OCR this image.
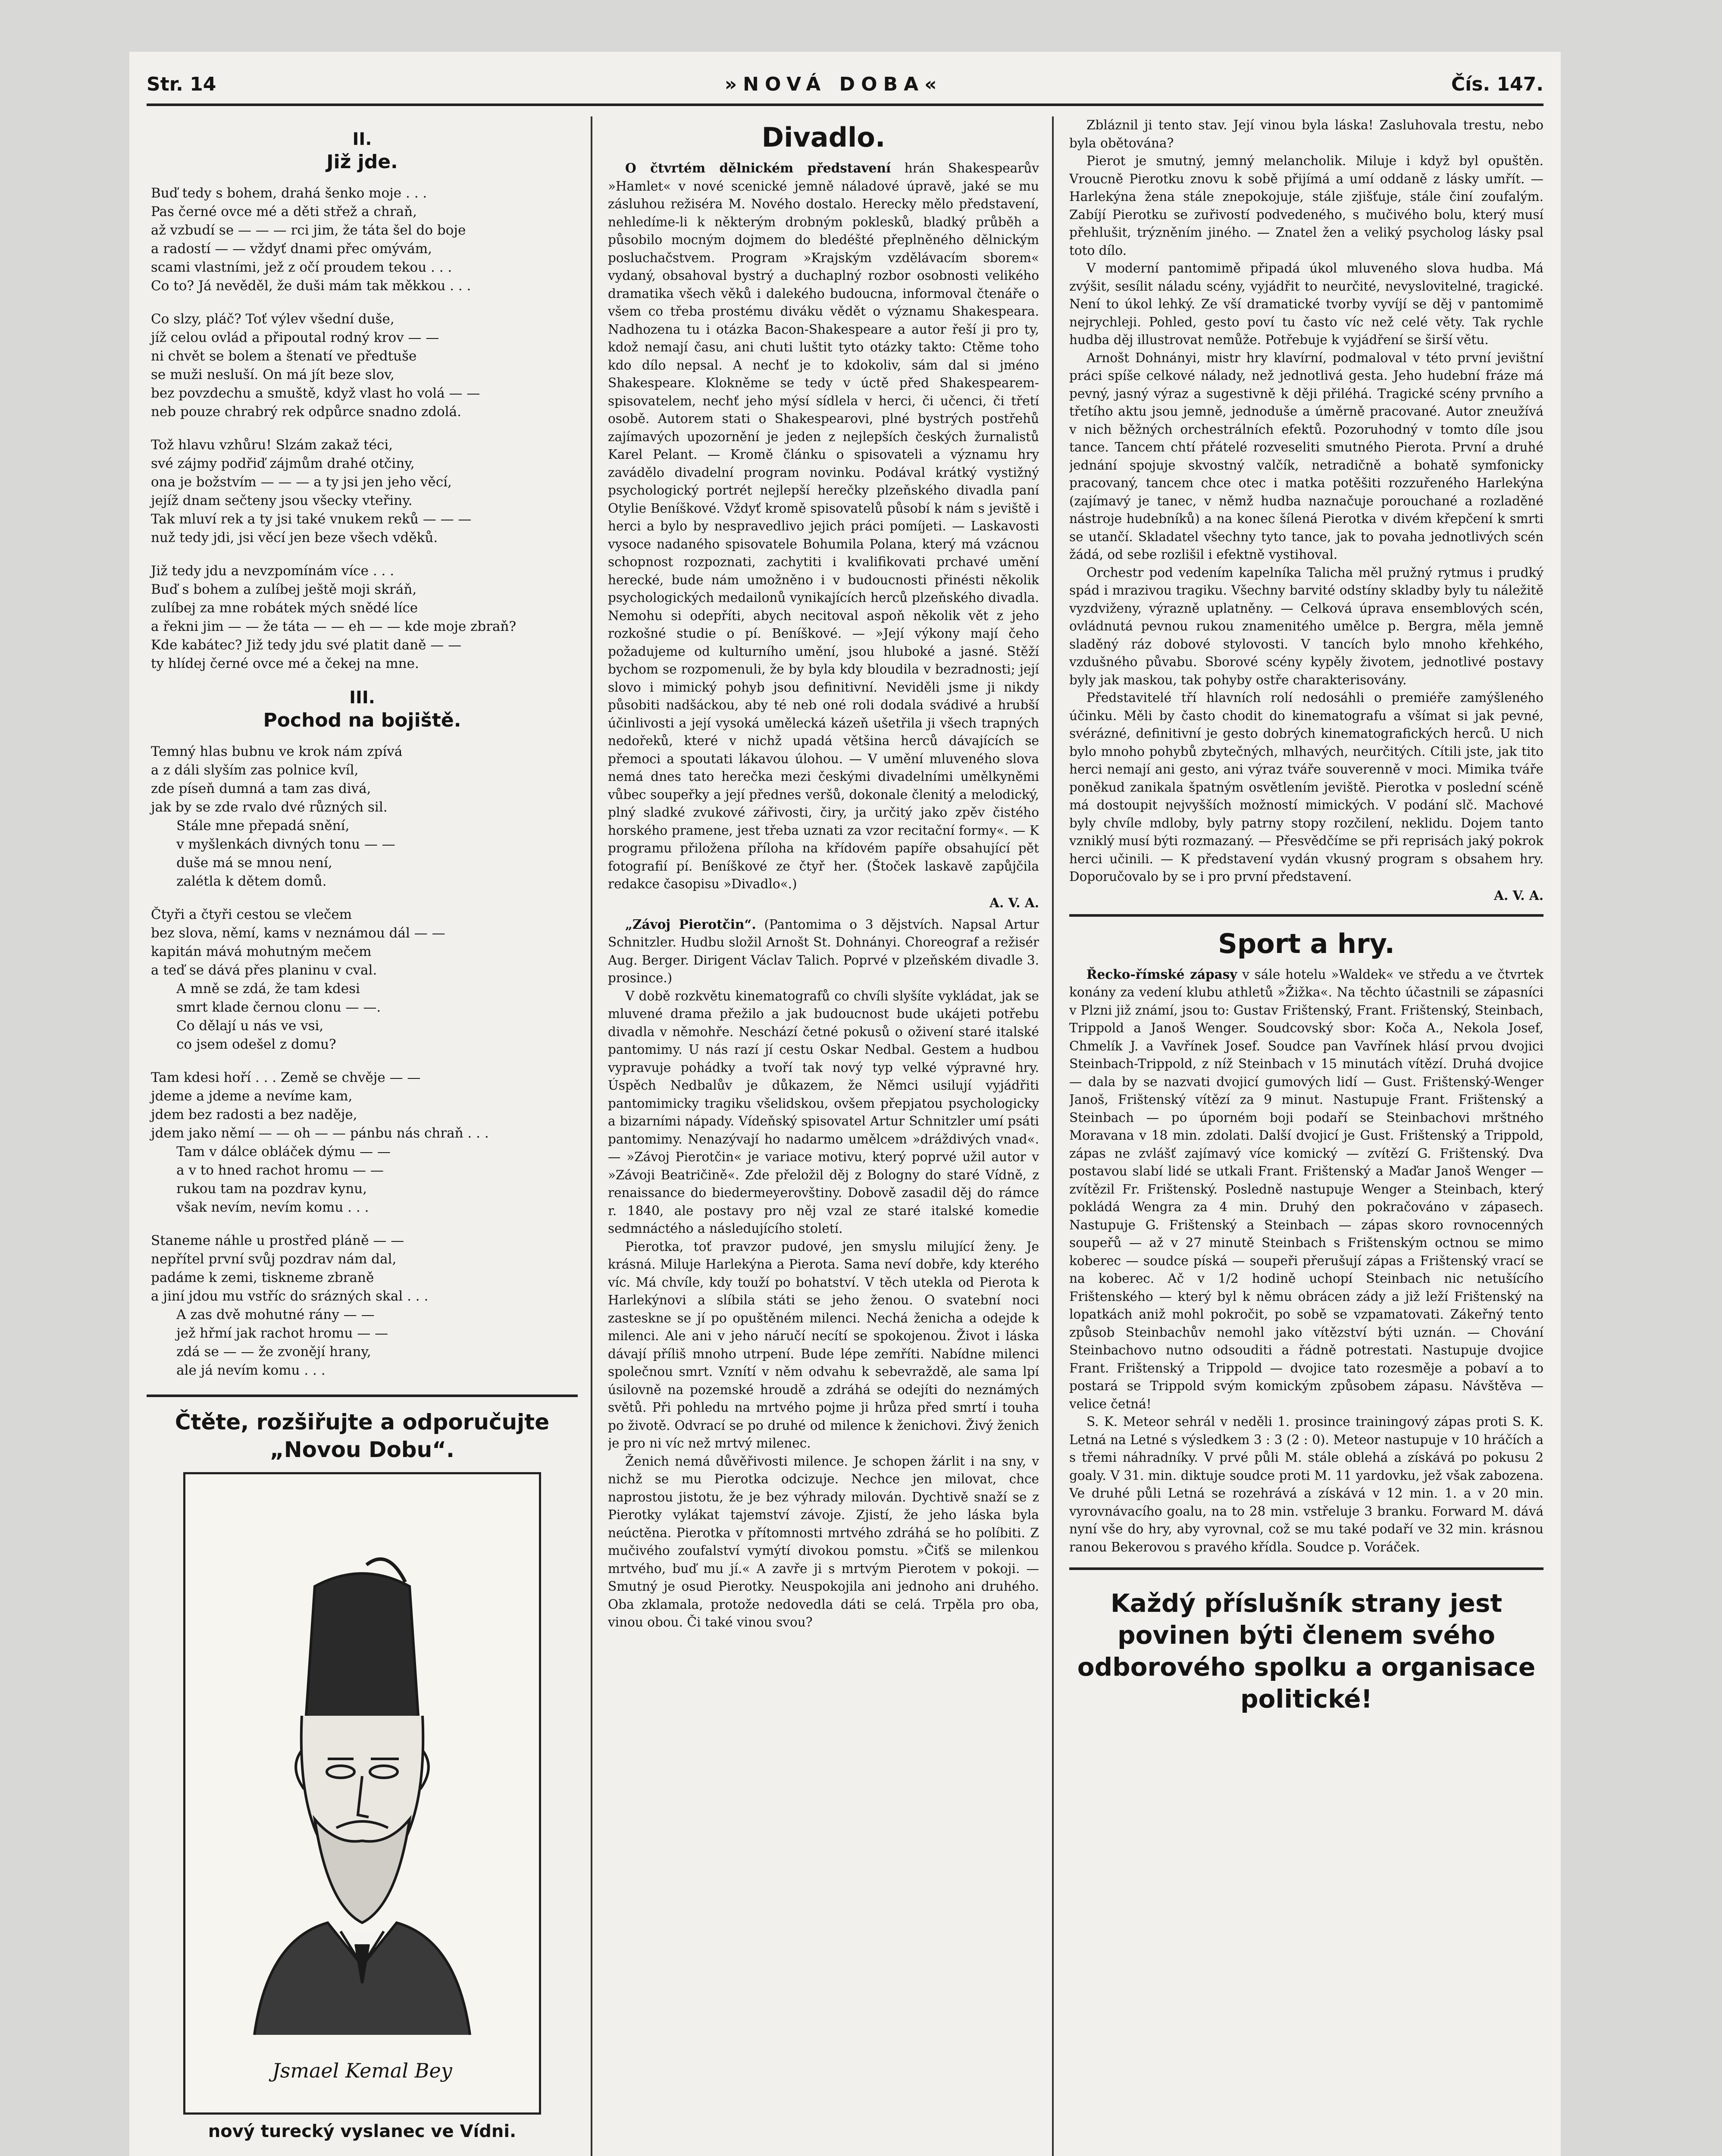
Str. 14	»NOVÁ DOBA«	Čís. 147.
II.
Již jde.
Buď tedy s bohem, drahá šenko moje . . .
Pas černé ovce mé a děti střež a chraň,
až vzbudí se — — — rci jim, že táta šel do boje
a radostí — — vždyť dnami přec omývám,
scami vlastními, jež z očí proudem tekou . . .
Co to? Já nevěděl, že duši mám tak měkkou . . .
Co slzy, pláč? Toť výlev všední duše,
jíž celou ovlád a připoutal rodný krov — —
ni chvět se bolem a štenatí ve předtuše
se muži nesluší. On má jít beze slov,
bez povzdechu a smuště, když vlast ho volá — —
neb pouze chrabrý rek odpůrce snadno zdolá.
Tož hlavu vzhůru! Slzám zakaž téci,
své zájmy podřiď zájmům drahé otčiny,
ona je božstvím — — — a ty jsi jen jeho věcí,
jejíž dnam sečteny jsou všecky vteřiny.
Tak mluví rek a ty jsi také vnukem reků — — —
nuž tedy jdi, jsi věcí jen beze všech vděků.
Již tedy jdu a nevzpomínám více . . .
Buď s bohem a zulíbej ještě moji skráň,
zulíbej za mne robátek mých snědé líce
a řekni jim — — že táta — — eh — — kde moje zbraň?
Kde kabátec? Již tedy jdu své platit daně — —
ty hlídej černé ovce mé a čekej na mne.
III.
Pochod na bojiště.
Temný hlas bubnu ve krok nám zpívá
a z dáli slyším zas polnice kvíl,
zde píseň dumná a tam zas divá,
jak by se zde rvalo dvé různých sil.
Stále mne přepadá snění,
v myšlenkách divných tonu — —
duše má se mnou není,
zalétla k dětem domů.
Čtyři a čtyři cestou se vlečem
bez slova, němí, kams v neznámou dál — —
kapitán mává mohutným mečem
a teď se dává přes planinu v cval.
A mně se zdá, že tam kdesi
smrt klade černou clonu — —.
Co dělají u nás ve vsi,
co jsem odešel z domu?
Tam kdesi hoří . . . Země se chvěje — —
jdeme a jdeme a nevíme kam,
jdem bez radosti a bez naděje,
jdem jako němí — — oh — — pánbu nás chraň . . .
Tam v dálce obláček dýmu — —
a v to hned rachot hromu — —
rukou tam na pozdrav kynu,
však nevím, nevím komu . . .
Staneme náhle u prostřed pláně — —
nepřítel první svůj pozdrav nám dal,
padáme k zemi, tiskneme zbraně
a jiní jdou mu vstříc do srázných skal . . .
A zas dvě mohutné rány — —
jež hřmí jak rachot hromu — —
zdá se — — že zvonějí hrany,
ale já nevím komu . . .
Čtěte, rozšiřujte a odporučujte „Novou Dobu“.
Jsmael Kemal Bey
nový turecký vyslanec ve Vídni.
Divadlo.

O čtvrtém dělnickém představení hrán Shakespearův »Hamlet« v nové scenické jemně náladové úpravě, jaké se mu zásluhou režiséra M. Nového dostalo. Herecky mělo představení, nehledíme-li k některým drobným poklesků, bladký průběh a působilo mocným dojmem do bledéšté přeplněného dělnickým posluchačstvem. Program »Krajským vzdělávacím sborem« vydaný, obsahoval bystrý a duchaplný rozbor osobnosti velikého dramatika všech věků i dalekého budoucna, informoval čtenáře o všem co třeba prostému diváku vědět o významu Shakespeara. Nadhozena tu i otázka Bacon-Shakespeare a autor řeší ji pro ty, kdož nemají času, ani chuti luštit tyto otázky takto: Ctěme toho kdo dílo nepsal. A nechť je to kdokoliv, sám dal si jméno Shakespeare. Klokněme se tedy v úctě před Shakespearem-spisovatelem, nechť jeho mýsí sídlela v herci, či učenci, či třetí osobě. Autorem stati o Shakespearovi, plné bystrých postřehů zajímavých upozornění je jeden z nejlepších českých žurnalistů Karel Pelant. — Kromě článku o spisovateli a významu hry zavádělo divadelní program novinku. Podával krátký vystižný psychologický portrét nejlepší herečky plzeňského divadla paní Otylie Beníškové. Vždyť kromě spisovatelů působí k nám s jeviště i herci a bylo by nespravedlivo jejich práci pomíjeti. — Laskavosti vysoce nadaného spisovatele Bohumila Polana, který má vzácnou schopnost rozpoznati, zachytiti i kvalifikovati prchavé umění herecké, bude nám umožněno i v budoucnosti přinésti několik psychologických medailonů vynikajících herců plzeňského divadla. Nemohu si odepříti, abych necitoval aspoň několik vět z jeho rozkošné studie o pí. Beníškové. — »Její výkony mají čeho požadujeme od kulturního umění, jsou hluboké a jasné. Stěží bychom se rozpomenuli, že by byla kdy bloudila v bezradnosti; její slovo i mimický pohyb jsou definitivní. Neviděli jsme ji nikdy působiti nadšáckou, aby té neb oné roli dodala svádivé a hrubší účinlivosti a její vysoká umělecká kázeň ušetřila ji všech trapných nedořeků, které v nichž upadá většina herců dávajících se přemoci a spoutati lákavou úlohou. — V umění mluveného slova nemá dnes tato herečka mezi českými divadelními umělkyněmi vůbec soupeřky a její přednes veršů, dokonale členitý a melodický, plný sladké zvukové zářivosti, čiry, ja určitý jako zpěv čistého horského pramene, jest třeba uznati za vzor recitační formy«. — K programu přiložena příloha na křídovém papíře obsahující pět fotografií pí. Beníškové ze čtyř her. (Štoček laskavě zapůjčila redakce časopisu »Divadlo«.)

A. V. A.

„Závoj Pierotčin“. (Pantomima o 3 dějstvích. Napsal Artur Schnitzler. Hudbu složil Arnošt St. Dohnányi. Choreograf a režisér Aug. Berger. Dirigent Václav Talich. Poprvé v plzeňském divadle 3. prosince.)

V době rozkvětu kinematografů co chvíli slyšíte vykládat, jak se mluvené drama přežilo a jak budoucnost bude ukájeti potřebu divadla v němohře. Neschází četné pokusů o oživení staré italské pantomimy. U nás razí jí cestu Oskar Nedbal. Gestem a hudbou vypravuje pohádky a tvoří tak nový typ velké výpravné hry. Úspěch Nedbalův je důkazem, že Němci usilují vyjádřiti pantomimicky tragiku všelidskou, ovšem přepjatou psychologicky a bizarními nápady. Vídeňský spisovatel Artur Schnitzler umí psáti pantomimy. Nenazývají ho nadarmo umělcem »dráždivých vnad«. — »Závoj Pierotčin« je variace motivu, který poprvé užil autor v »Závoji Beatričině«. Zde přeložil děj z Bologny do staré Vídně, z renaissance do biedermeyerovštiny. Dobově zasadil děj do rámce r. 1840, ale postavy pro něj vzal ze staré italské komedie sedmnáctého a následujícího století.

Pierotka, toť pravzor pudové, jen smyslu milující ženy. Je krásná. Miluje Harlekýna a Pierota. Sama neví dobře, kdy kterého víc. Má chvíle, kdy touží po bohatství. V těch utekla od Pierota k Harlekýnovi a slíbila státi se jeho ženou. O svatební noci zasteskne se jí po opuštěném milenci. Nechá ženicha a odejde k milenci. Ale ani v jeho náručí necítí se spokojenou. Život i láska dávají příliš mnoho utrpení. Bude lépe zemříti. Nabídne milenci společnou smrt. Vznítí v něm odvahu k sebevraždě, ale sama lpí úsilovně na pozemské hroudě a zdráhá se odejíti do neznámých světů. Při pohledu na mrtvého pojme ji hrůza před smrtí i touha po životě. Odvrací se po druhé od milence k ženichovi. Živý ženich je pro ni víc než mrtvý milenec.

Ženich nemá důvěřivosti milence. Je schopen žárlit i na sny, v nichž se mu Pierotka odcizuje. Nechce jen milovat, chce naprostou jistotu, že je bez výhrady milován. Dychtivě snaží se z Pierotky vylákat tajemství závoje. Zjistí, že jeho láska byla neúctěna. Pierotka v přítomnosti mrtvého zdráhá se ho políbiti. Z mučivého zoufalství vymýtí divokou pomstu. »Čiťš se milenkou mrtvého, buď mu jí.« A zavře ji s mrtvým Pierotem v pokoji. — Smutný je osud Pierotky. Neuspokojila ani jednoho ani druhého. Oba zklamala, protože nedovedla dáti se celá. Trpěla pro oba, vinou obou. Či také vinou svou?

Zbláznil ji tento stav. Její vinou byla láska! Zasluhovala trestu, nebo byla obětována?

Pierot je smutný, jemný melancholik. Miluje i když byl opuštěn. Vroucně Pierotku znovu k sobě přijímá a umí oddaně z lásky umřít. — Harlekýna žena stále znepokojuje, stále zjišťuje, stále činí zoufalým. Zabíjí Pierotku se zuřivostí podvedeného, s mučivého bolu, který musí přehlušit, trýzněním jiného. — Znatel žen a veliký psycholog lásky psal toto dílo.

V moderní pantomimě připadá úkol mluveného slova hudba. Má zvýšit, sesílit náladu scény, vyjádřit to neurčité, nevyslovitelné, tragické. Není to úkol lehký. Ze vší dramatické tvorby vyvíjí se děj v pantomimě nejrychleji. Pohled, gesto poví tu často víc než celé věty. Tak rychle hudba děj illustrovat nemůže. Potřebuje k vyjádření se širší větu.

Arnošt Dohnányi, mistr hry klavírní, podmaloval v této první jevištní práci spíše celkové nálady, než jednotlivá gesta. Jeho hudební fráze má pevný, jasný výraz a sugestivně k ději přiléhá. Tragické scény prvního a třetího aktu jsou jemně, jednoduše a úměrně pracované. Autor zneužívá v nich běžných orchestrálních efektů. Pozoruhodný v tomto díle jsou tance. Tancem chtí přátelé rozveseliti smutného Pierota. První a druhé jednání spojuje skvostný valčík, netradičně a bohatě symfonicky pracovaný, tancem chce otec i matka potěšiti rozzuřeného Harlekýna (zajímavý je tanec, v němž hudba naznačuje porouchané a rozladěné nástroje hudebníků) a na konec šílená Pierotka v divém křepčení k smrti se utančí. Skladatel všechny tyto tance, jak to povaha jednotlivých scén žádá, od sebe rozlišil i efektně vystihoval.

Orchestr pod vedením kapelníka Talicha měl pružný rytmus i prudký spád i mrazivou tragiku. Všechny barvité odstíny skladby byly tu náležitě vyzdviženy, výrazně uplatněny. — Celková úprava ensemblových scén, ovládnutá pevnou rukou znamenitého umělce p. Bergra, měla jemně sladěný ráz dobové stylovosti. V tancích bylo mnoho křehkého, vzdušného půvabu. Sborové scény kypěly životem, jednotlivé postavy byly jak maskou, tak pohyby ostře charakterisovány.

Představitelé tří hlavních rolí nedosáhli o premiéře zamýšleného účinku. Měli by často chodit do kinematografu a všímat si jak pevné, svérázné, definitivní je gesto dobrých kinematografických herců. U nich bylo mnoho pohybů zbytečných, mlhavých, neurčitých. Cítili jste, jak tito herci nemají ani gesto, ani výraz tváře souverenně v moci. Mimika tváře poněkud zanikala špatným osvětlením jeviště. Pierotka v poslední scéně má dostoupit nejvyšších možností mimických. V podání slč. Machové byly chvíle mdloby, byly patrny stopy rozčilení, neklidu. Dojem tanto vzniklý musí býti rozmazaný. — Přesvědčíme se při reprisách jaký pokrok herci učinili. — K představení vydán vkusný program s obsahem hry. Doporučovalo by se i pro první představení.

A. V. A.
Sport a hry.

Řecko-římské zápasy v sále hotelu »Waldek« ve středu a ve čtvrtek konány za vedení klubu athletů »Žižka«. Na těchto účastnili se zápasníci v Plzni již známí, jsou to: Gustav Frištenský, Frant. Frištenský, Steinbach, Trippold a Janoš Wenger. Soudcovský sbor: Koča A., Nekola Josef, Chmelík J. a Vavřínek Josef. Soudce pan Vavřínek hlásí prvou dvojici Steinbach-Trippold, z níž Steinbach v 15 minutách vítězí. Druhá dvojice — dala by se nazvati dvojicí gumových lidí — Gust. Frištenský-Wenger Janoš, Frištenský vítězí za 9 minut. Nastupuje Frant. Frištenský a Steinbach — po úporném boji podaří se Steinbachovi mrštného Moravana v 18 min. zdolati. Další dvojicí je Gust. Frištenský a Trippold, zápas ne zvlášť zajímavý více komický — zvítězí G. Frištenský. Dva postavou slabí lidé se utkali Frant. Frištenský a Maďar Janoš Wenger — zvítězil Fr. Frištenský. Posledně nastupuje Wenger a Steinbach, který pokládá Wengra za 4 min. Druhý den pokračováno v zápasech. Nastupuje G. Frištenský a Steinbach — zápas skoro rovnocenných soupeřů — až v 27 minutě Steinbach s Frištenským octnou se mimo koberec — soudce píská — soupeři přerušují zápas a Frištenský vrací se na koberec. Ač v 1/2 hodině uchopí Steinbach nic netušícího Frištenského — který byl k němu obrácen zády a již leží Frištenský na lopatkách aniž mohl pokročit, po sobě se vzpamatovati. Zákeřný tento způsob Steinbachův nemohl jako vítězství býti uznán. — Chování Steinbachovo nutno odsouditi a řádně potrestati. Nastupuje dvojice Frant. Frištenský a Trippold — dvojice tato rozesměje a pobaví a to postará se Trippold svým komickým způsobem zápasu. Návštěva — velice četná!

S. K. Meteor sehrál v neděli 1. prosince trainingový zápas proti S. K. Letná na Letné s výsledkem 3 : 3 (2 : 0). Meteor nastupuje v 10 hráčích a s třemi náhradníky. V prvé půli M. stále oblehá a získává po pokusu 2 goaly. V 31. min. diktuje soudce proti M. 11 yardovku, jež však zabozena. Ve druhé půli Letná se rozehrává a získává v 12 min. 1. a v 20 min. vyrovnávacího goalu, na to 28 min. vstřeluje 3 branku. Forward M. dává nyní vše do hry, aby vyrovnal, což se mu také podaří ve 32 min. krásnou ranou Bekerovou s pravého křídla. Soudce p. Voráček.

Každý příslušník strany jest povinen býti členem svého odborového spolku a organisace politické!
